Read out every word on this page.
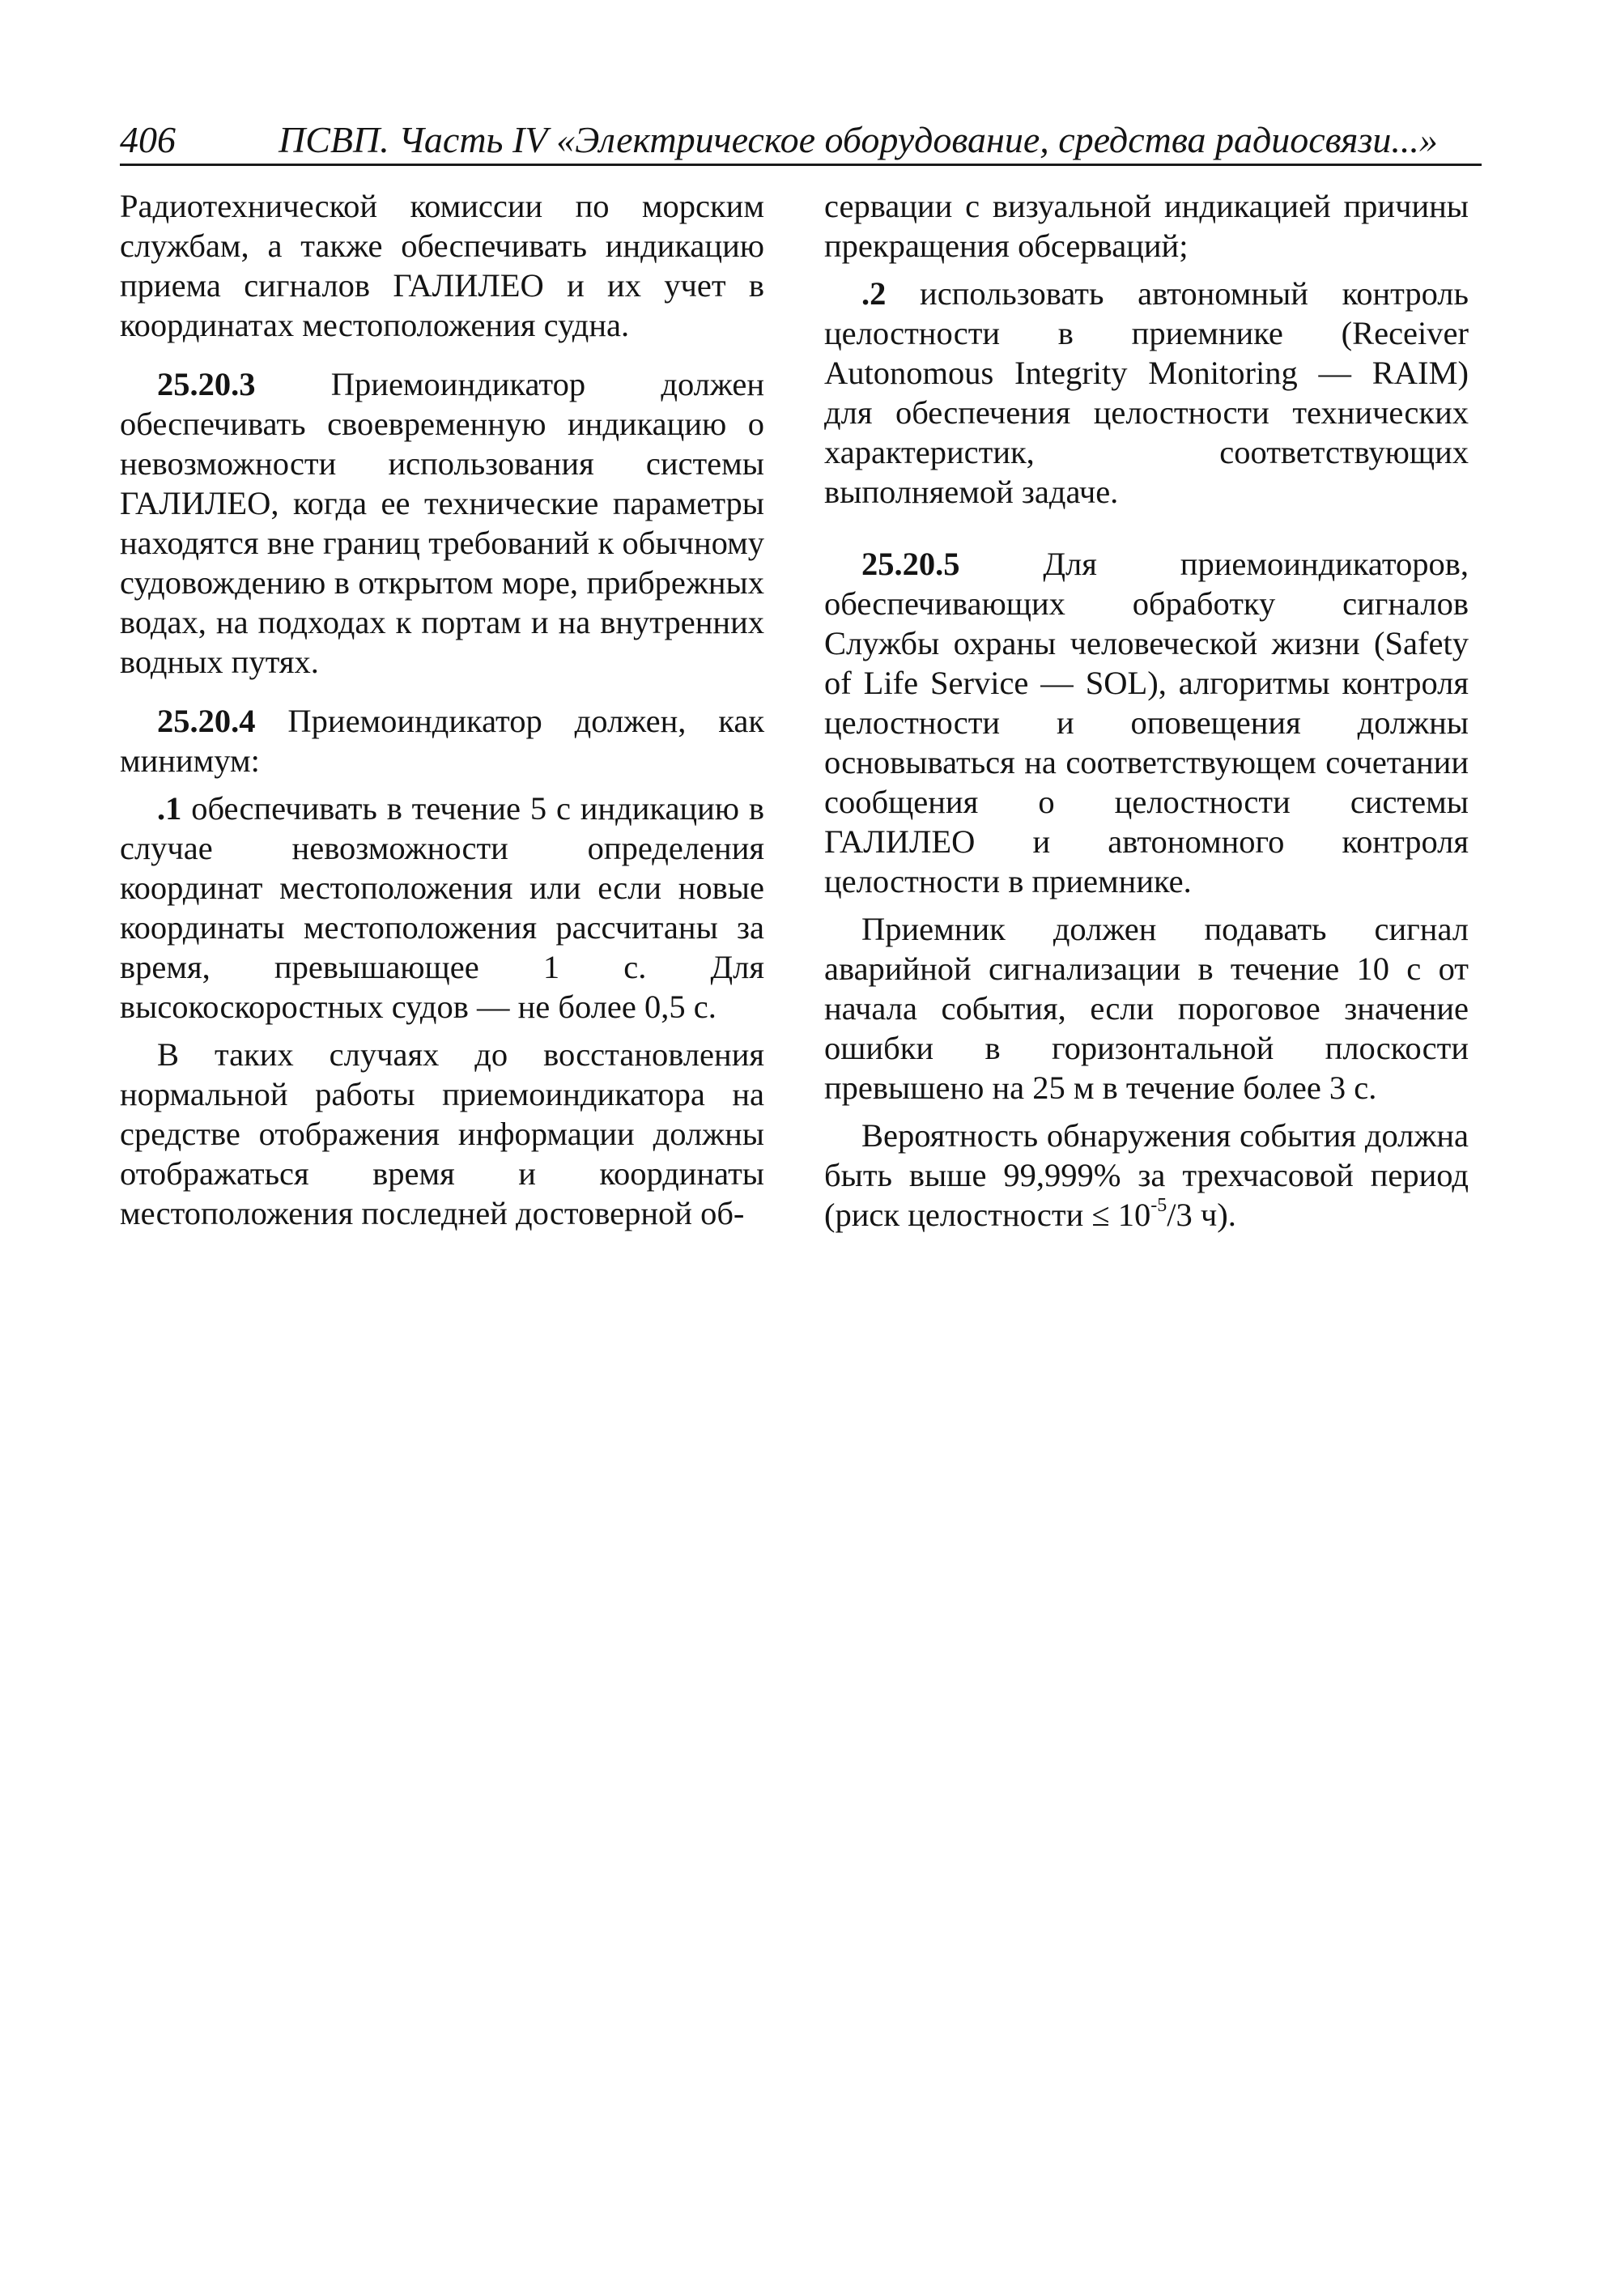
406	ПСВП. Часть IV «Электрическое оборудование, средства радиосвязи...»

Радиотехнической комиссии по морским службам, а также обеспечивать индикацию приема сигналов ГАЛИЛЕО и их учет в координатах местоположения судна.

25.20.3 Приемоиндикатор должен обеспечивать своевременную индикацию о невозможности использования системы ГАЛИЛЕО, когда ее технические параметры находятся вне границ требований к обычному судовождению в открытом море, прибрежных водах, на подходах к портам и на внутренних водных путях.

25.20.4 Приемоиндикатор должен, как минимум:

.1 обеспечивать в течение 5 с индикацию в случае невозможности определения координат местоположения или если новые координаты местоположения рассчитаны за время, превышающее 1 с. Для высокоскоростных судов — не более 0,5 с.

В таких случаях до восстановления нормальной работы приемоиндикатора на средстве отображения информации должны отображаться время и координаты местоположения последней достоверной об-

сервации с визуальной индикацией причины прекращения обсерваций;

.2 использовать автономный контроль целостности в приемнике (Receiver Autonomous Integrity Monitoring — RAIM) для обеспечения целостности технических характеристик, соответствующих выполняемой задаче.

25.20.5	Для приемоиндикаторов, обеспечивающих обработку сигналов Службы охраны человеческой жизни (Safety of Life Service — SOL), алгоритмы контроля целостности и оповещения должны основываться на соответствующем сочетании сообщения о целостности системы ГАЛИЛЕО и автономного контроля целостности в приемнике.

Приемник должен подавать сигнал аварийной сигнализации в течение 10 с от начала события, если пороговое значение ошибки в горизонтальной плоскости превышено на 25 м в течение более 3 с.

Вероятность обнаружения события должна быть выше 99,999% за трехчасовой период (риск целостности ≤ $10^{-5}/3$ ч).
